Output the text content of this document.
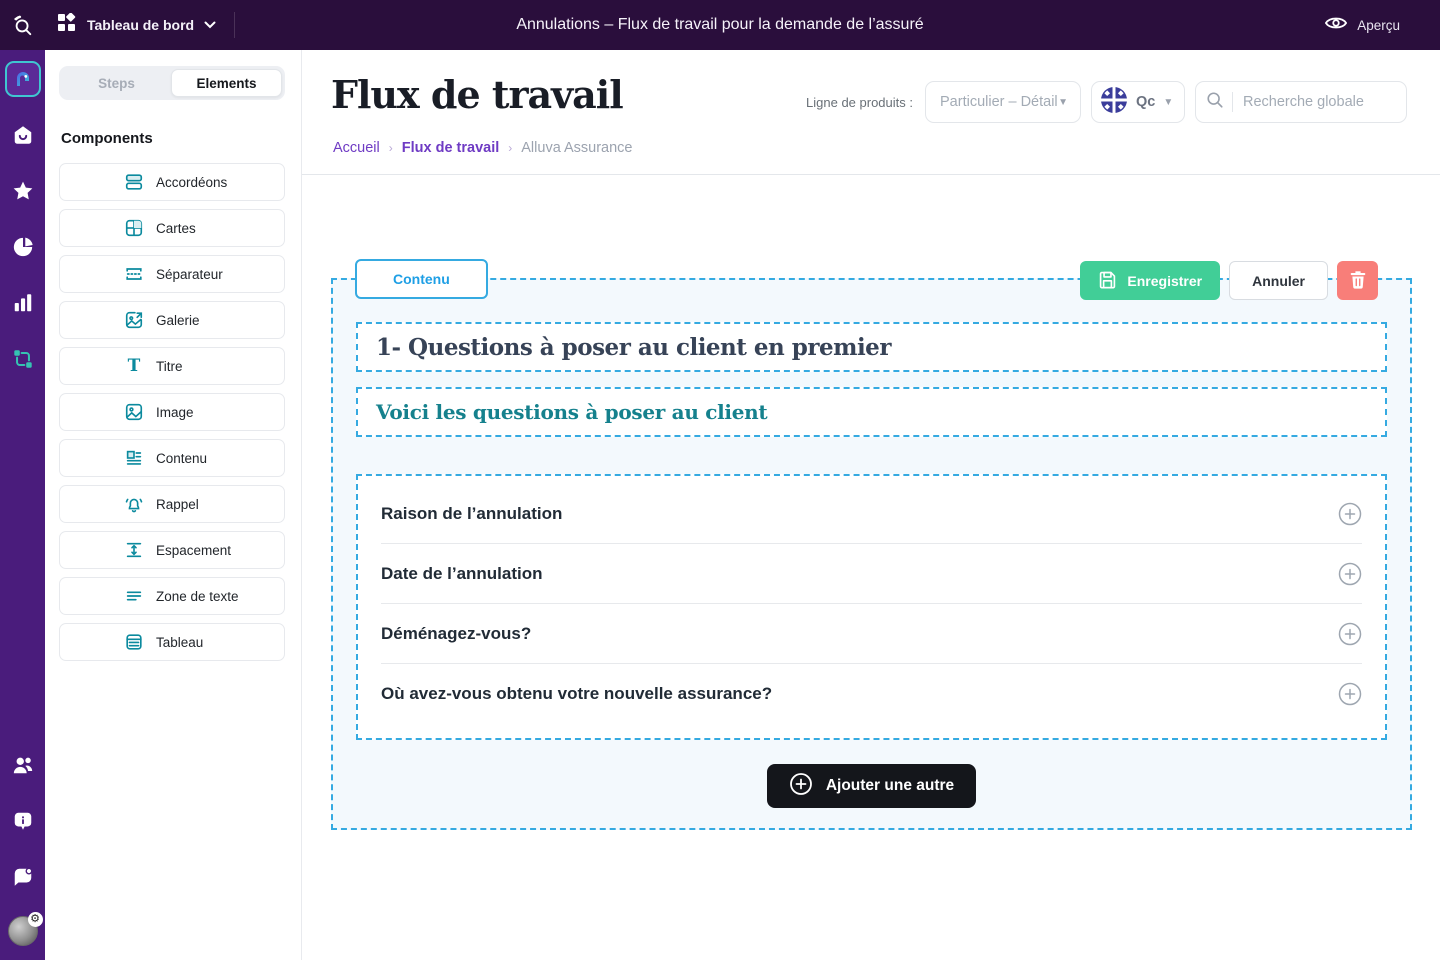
Tableau de bord	Annulations – Flux de travail pour la demande de l’assuré	Aperçu
⚙
Steps	Elements
Components
Accordéons
Cartes
Séparateur
Galerie
T Titre
Image
Contenu
Rappel
Espacement
Zone de texte
Tableau
Flux de travail	Ligne de produits : Particulier – Détail ▼	Qc ▼
Recherche globale
Accueil › Flux de travail › Alluva Assurance
Contenu	Enregistrer	Annuler
1- Questions à poser au client en premier
Voici les questions à poser au client
Raison de l’annulation
Date de l’annulation
Déménagez-vous?
Où avez-vous obtenu votre nouvelle assurance?
Ajouter une autre
